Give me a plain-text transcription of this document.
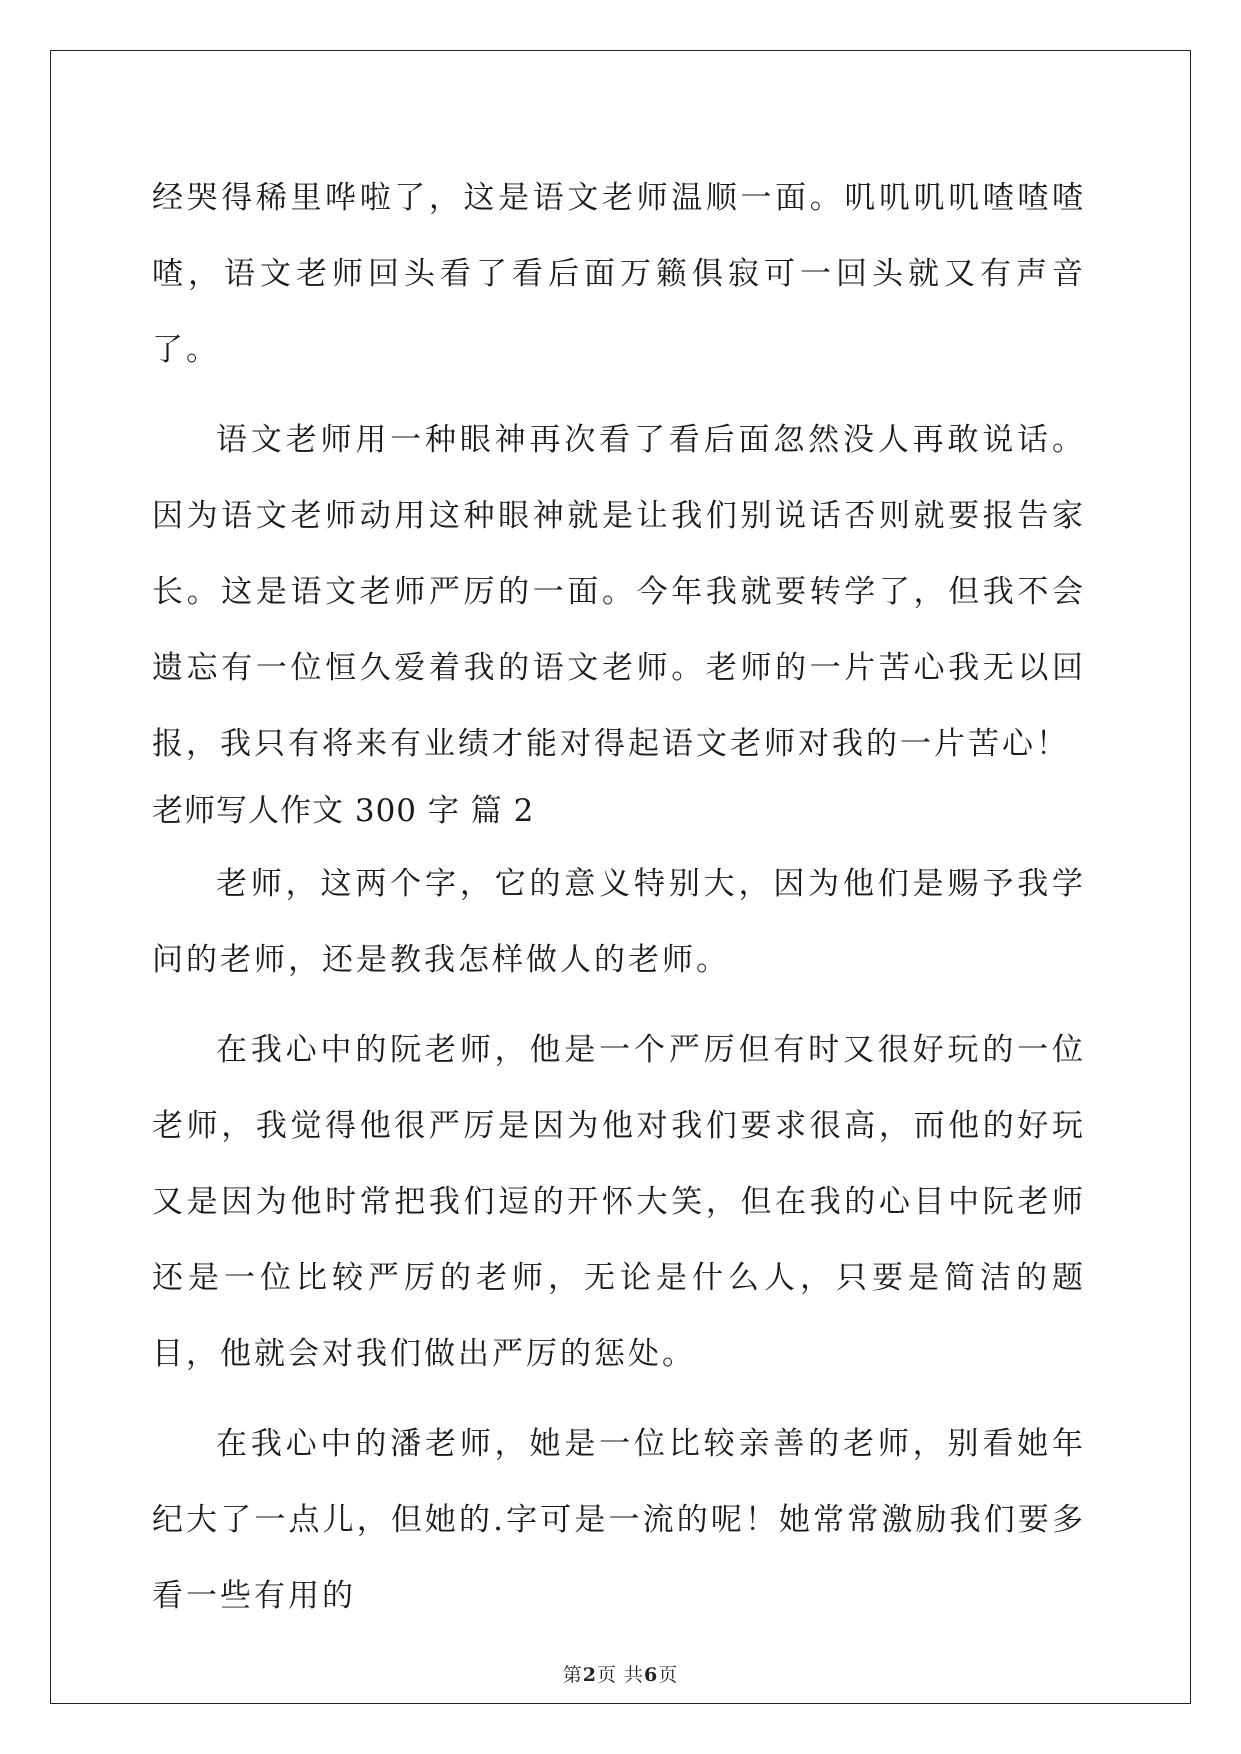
经哭得稀里哗啦了，这是语文老师温顺一面。叽叽叽叽喳喳喳喳，语文老师回头看了看后面万籁俱寂可一回头就又有声音了。

语文老师用一种眼神再次看了看后面忽然没人再敢说话。因为语文老师动用这种眼神就是让我们别说话否则就要报告家长。这是语文老师严厉的一面。今年我就要转学了，但我不会遗忘有一位恒久爱着我的语文老师。老师的一片苦心我无以回报，我只有将来有业绩才能对得起语文老师对我的一片苦心！

老师写人作文 300 字 篇 2

老师，这两个字，它的意义特别大，因为他们是赐予我学问的老师，还是教我怎样做人的老师。

在我心中的阮老师，他是一个严厉但有时又很好玩的一位老师，我觉得他很严厉是因为他对我们要求很高，而他的好玩又是因为他时常把我们逗的开怀大笑，但在我的心目中阮老师还是一位比较严厉的老师，无论是什么人，只要是简洁的题目，他就会对我们做出严厉的惩处。

在我心中的潘老师，她是一位比较亲善的老师，别看她年纪大了一点儿，但她的.字可是一流的呢！她常常激励我们要多看一些有用的

第2页 共6页
